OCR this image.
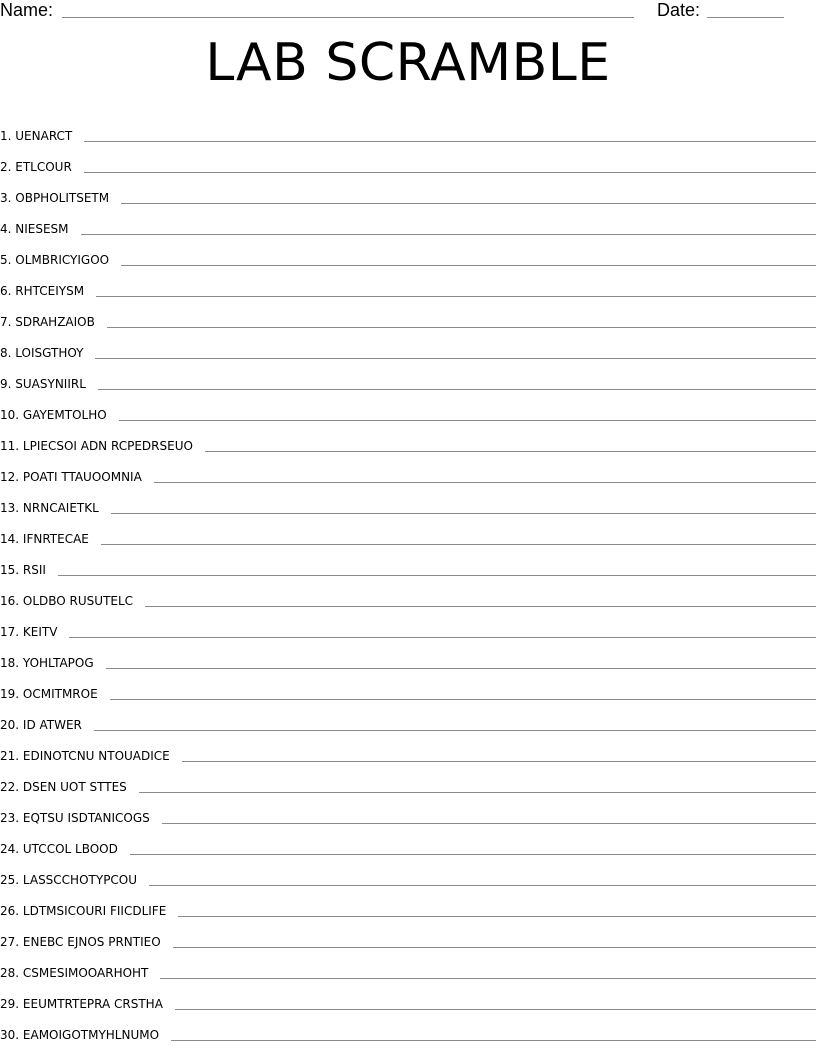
Name:	Date:
LAB SCRAMBLE
1. UENARCT
2. ETLCOUR
3. OBPHOLITSETM
4. NIESESM
5. OLMBRICYIGOO
6. RHTCEIYSM
7. SDRAHZAIOB
8. LOISGTHOY
9. SUASYNIIRL
10. GAYEMTOLHO
11. LPIECSOI ADN RCPEDRSEUO
12. POATI TTAUOOMNIA
13. NRNCAIETKL
14. IFNRTECAE
15. RSII
16. OLDBO RUSUTELC
17. KEITV
18. YOHLTAPOG
19. OCMITMROE
20. ID ATWER
21. EDINOTCNU NTOUADICE
22. DSEN UOT STTES
23. EQTSU ISDTANICOGS
24. UTCCOL LBOOD
25. LASSCCHOTYPCOU
26. LDTMSICOURI FIICDLIFE
27. ENEBC EJNOS PRNTIEO
28. CSMESIMOOARHOHT
29. EEUMTRTEPRA CRSTHA
30. EAMOIGOTMYHLNUMO
